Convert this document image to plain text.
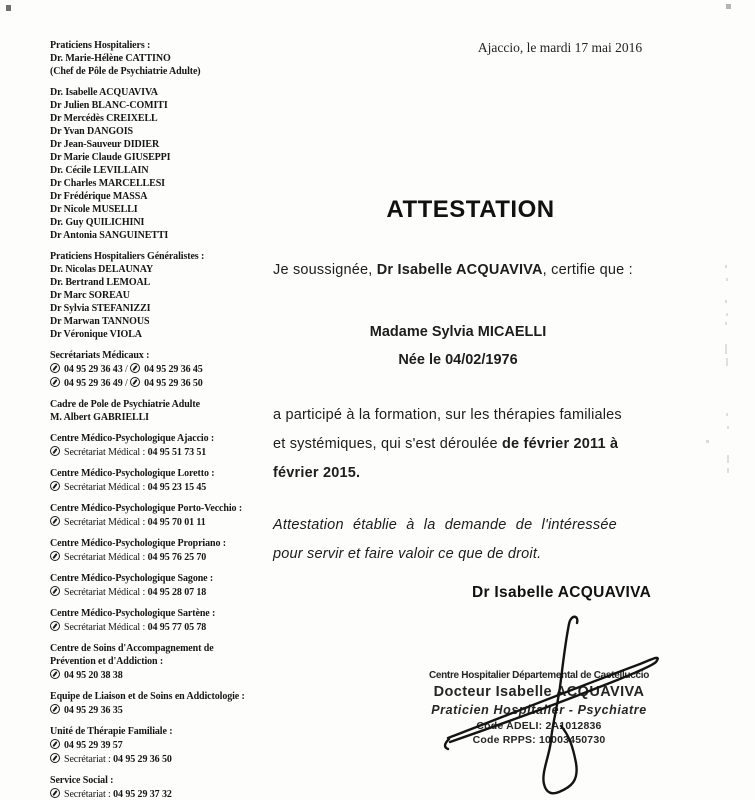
Praticiens Hospitaliers :
Dr. Marie-Hélène CATTINO
(Chef de Pôle de Psychiatrie Adulte)
Dr. Isabelle ACQUAVIVA
Dr Julien BLANC-COMITI
Dr Mercédès CREIXELL
Dr Yvan DANGOIS
Dr Jean-Sauveur DIDIER
Dr Marie Claude GIUSEPPI
Dr. Cécile LEVILLAIN
Dr Charles MARCELLESI
Dr Frédérique MASSA
Dr Nicole MUSELLI
Dr. Guy QUILICHINI
Dr Antonia SANGUINETTI
Praticiens Hospitaliers Généralistes :
Dr. Nicolas DELAUNAY
Dr. Bertrand LEMOAL
Dr Marc SOREAU
Dr Sylvia STEFANIZZI
Dr Marwan TANNOUS
Dr Véronique VIOLA
Secrétariats Médicaux :
04 95 29 36 43 / 04 95 29 36 45
04 95 29 36 49 / 04 95 29 36 50
Cadre de Pole de Psychiatrie Adulte
M. Albert GABRIELLI
Centre Médico-Psychologique Ajaccio :
Secrétariat Médical : 04 95 51 73 51
Centre Médico-Psychologique Loretto :
Secrétariat Médical : 04 95 23 15 45
Centre Médico-Psychologique Porto-Vecchio :
Secrétariat Médical : 04 95 70 01 11
Centre Médico-Psychologique Propriano :
Secrétariat Médical : 04 95 76 25 70
Centre Médico-Psychologique Sagone :
Secrétariat Médical : 04 95 28 07 18
Centre Médico-Psychologique Sartène :
Secrétariat Médical : 04 95 77 05 78
Centre de Soins d'Accompagnement de
Prévention et d'Addiction :
04 95 20 38 38
Equipe de Liaison et de Soins en Addictologie :
04 95 29 36 35
Unité de Thérapie Familiale :
04 95 29 39 57
Secrétariat : 04 95 29 36 50
Service Social :
Secrétariat : 04 95 29 37 32
Ajaccio, le mardi 17 mai 2016
ATTESTATION

Je soussignée, Dr Isabelle ACQUAVIVA, certifie que :

Madame Sylvia MICAELLI
Née le 04/02/1976
a participé à la formation, sur les thérapies familiales
et systémiques, qui s'est déroulée de février 2011 à
février 2015.
Attestation établie à la demande de l'intéressée
pour servir et faire valoir ce que de droit.
Dr Isabelle ACQUAVIVA
Centre Hospitalier Départemental de Castelluccio
Docteur Isabelle ACQUAVIVA
Praticien Hospitalier - Psychiatre
Code ADELI: 2A1012836
Code RPPS: 10003450730
